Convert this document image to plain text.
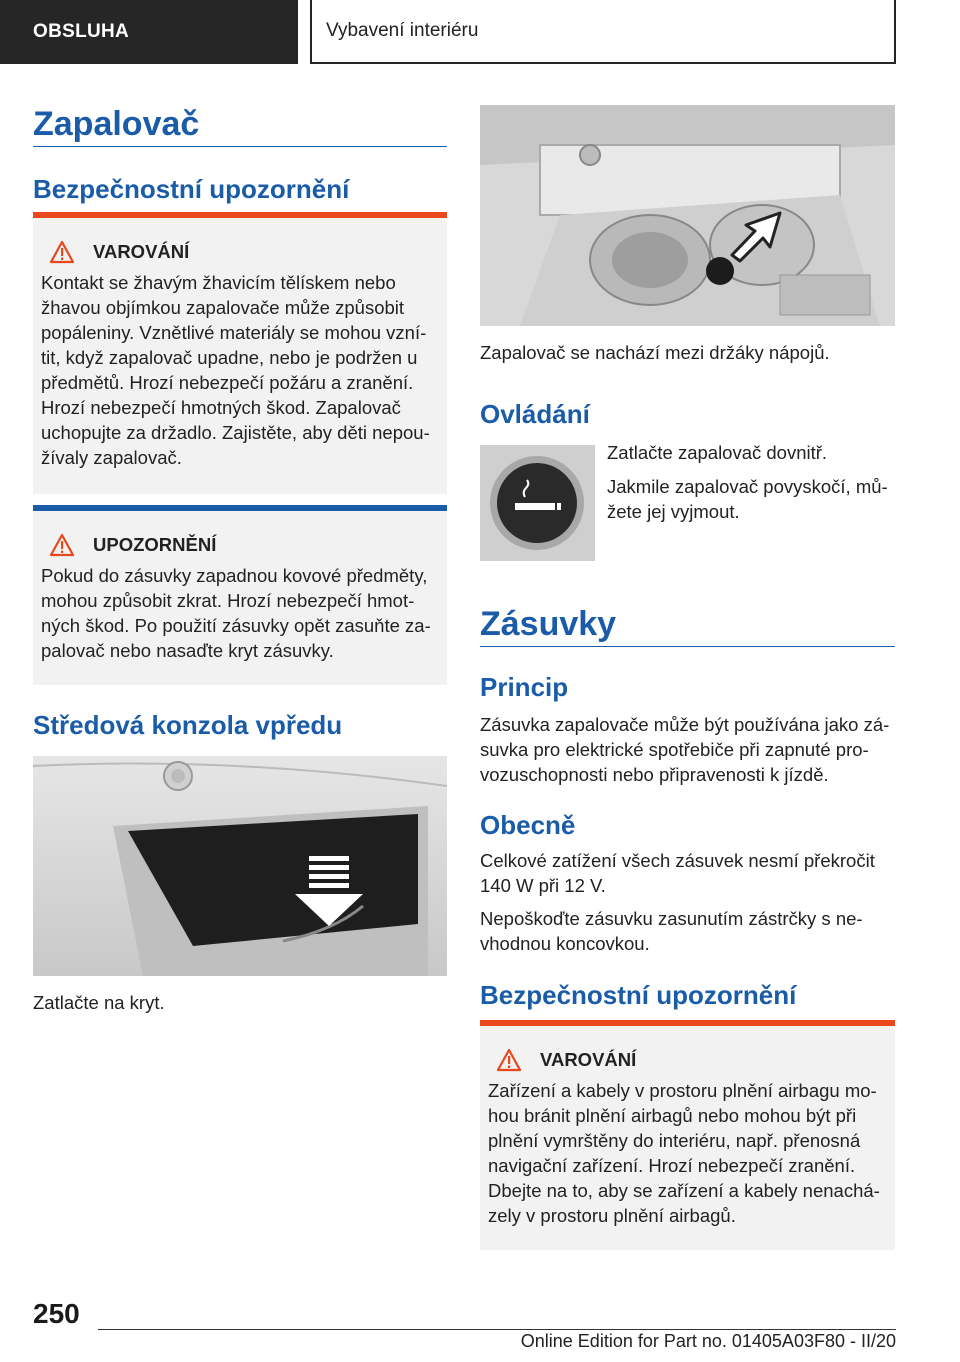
OBSLUHA	Vybavení interiéru
Zapalovač
Bezpečnostní upozornění
VAROVÁNÍ

Kontakt se žhavým žhavicím tělískem nebo žhavou objímkou zapalovače může způsobit popáleniny. Vznětlivé materiály se mohou vzní-tit, když zapalovač upadne, nebo je podržen u předmětů. Hrozí nebezpečí požáru a zranění. Hrozí nebezpečí hmotných škod. Zapalovač uchopujte za držadlo. Zajistěte, aby děti nepou-žívaly zapalovač.

UPOZORNĚNÍ

Pokud do zásuvky zapadnou kovové předměty, mohou způsobit zkrat. Hrozí nebezpečí hmot-ných škod. Po použití zásuvky opět zasuňte za-palovač nebo nasaďte kryt zásuvky.

Středová konzola vpředu

Zatlačte na kryt.

Zapalovač se nachází mezi držáky nápojů.

Ovládání

Zatlačte zapalovač dovnitř.

Jakmile zapalovač povyskočí, mů-žete jej vyjmout.

Zásuvky
Princip

Zásuvka zapalovače může být používána jako zá-suvka pro elektrické spotřebiče při zapnuté pro-vozuschopnosti nebo připravenosti k jízdě.

Obecně

Celkové zatížení všech zásuvek nesmí překročit 140 W při 12 V.

Nepoškoďte zásuvku zasunutím zástrčky s ne-vhodnou koncovkou.

Bezpečnostní upozornění
VAROVÁNÍ

Zařízení a kabely v prostoru plnění airbagu mo-hou bránit plnění airbagů nebo mohou být při plnění vymrštěny do interiéru, např. přenosná navigační zařízení. Hrozí nebezpečí zranění. Dbejte na to, aby se zařízení a kabely nenachá-zely v prostoru plnění airbagů.

250
Online Edition for Part no. 01405A03F80 - II/20
